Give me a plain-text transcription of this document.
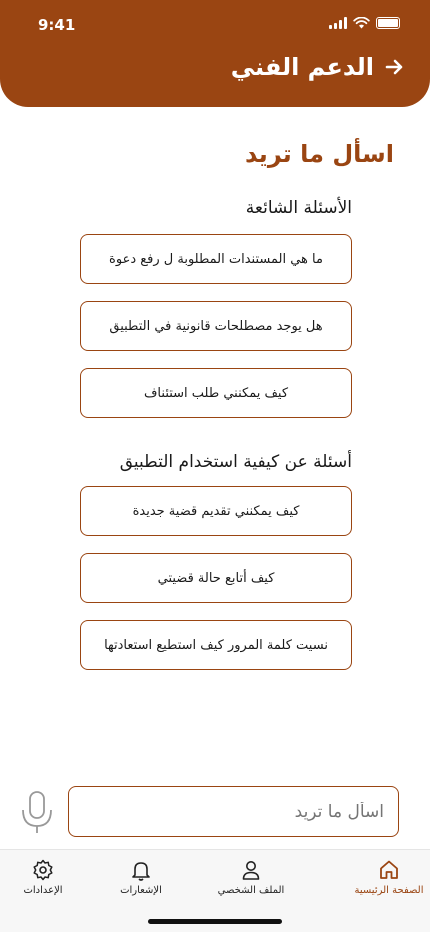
9:41
الدعم الفني
اسأل ما تريد
الأسئلة الشائعة
ما هي المستندات المطلوبة ل رفع دعوة
هل يوجد مصطلحات قانونية في التطبيق
كيف يمكنني طلب استئناف
أسئلة عن كيفية استخدام التطبيق
كيف يمكنني تقديم قضية جديدة
كيف أتابع حالة قضيتي
نسيت كلمة المرور كيف استطيع استعادتها
اسأل ما تريد
الصفحة الرئيسية
الملف الشخصي
الإشعارات
الإعدادات
